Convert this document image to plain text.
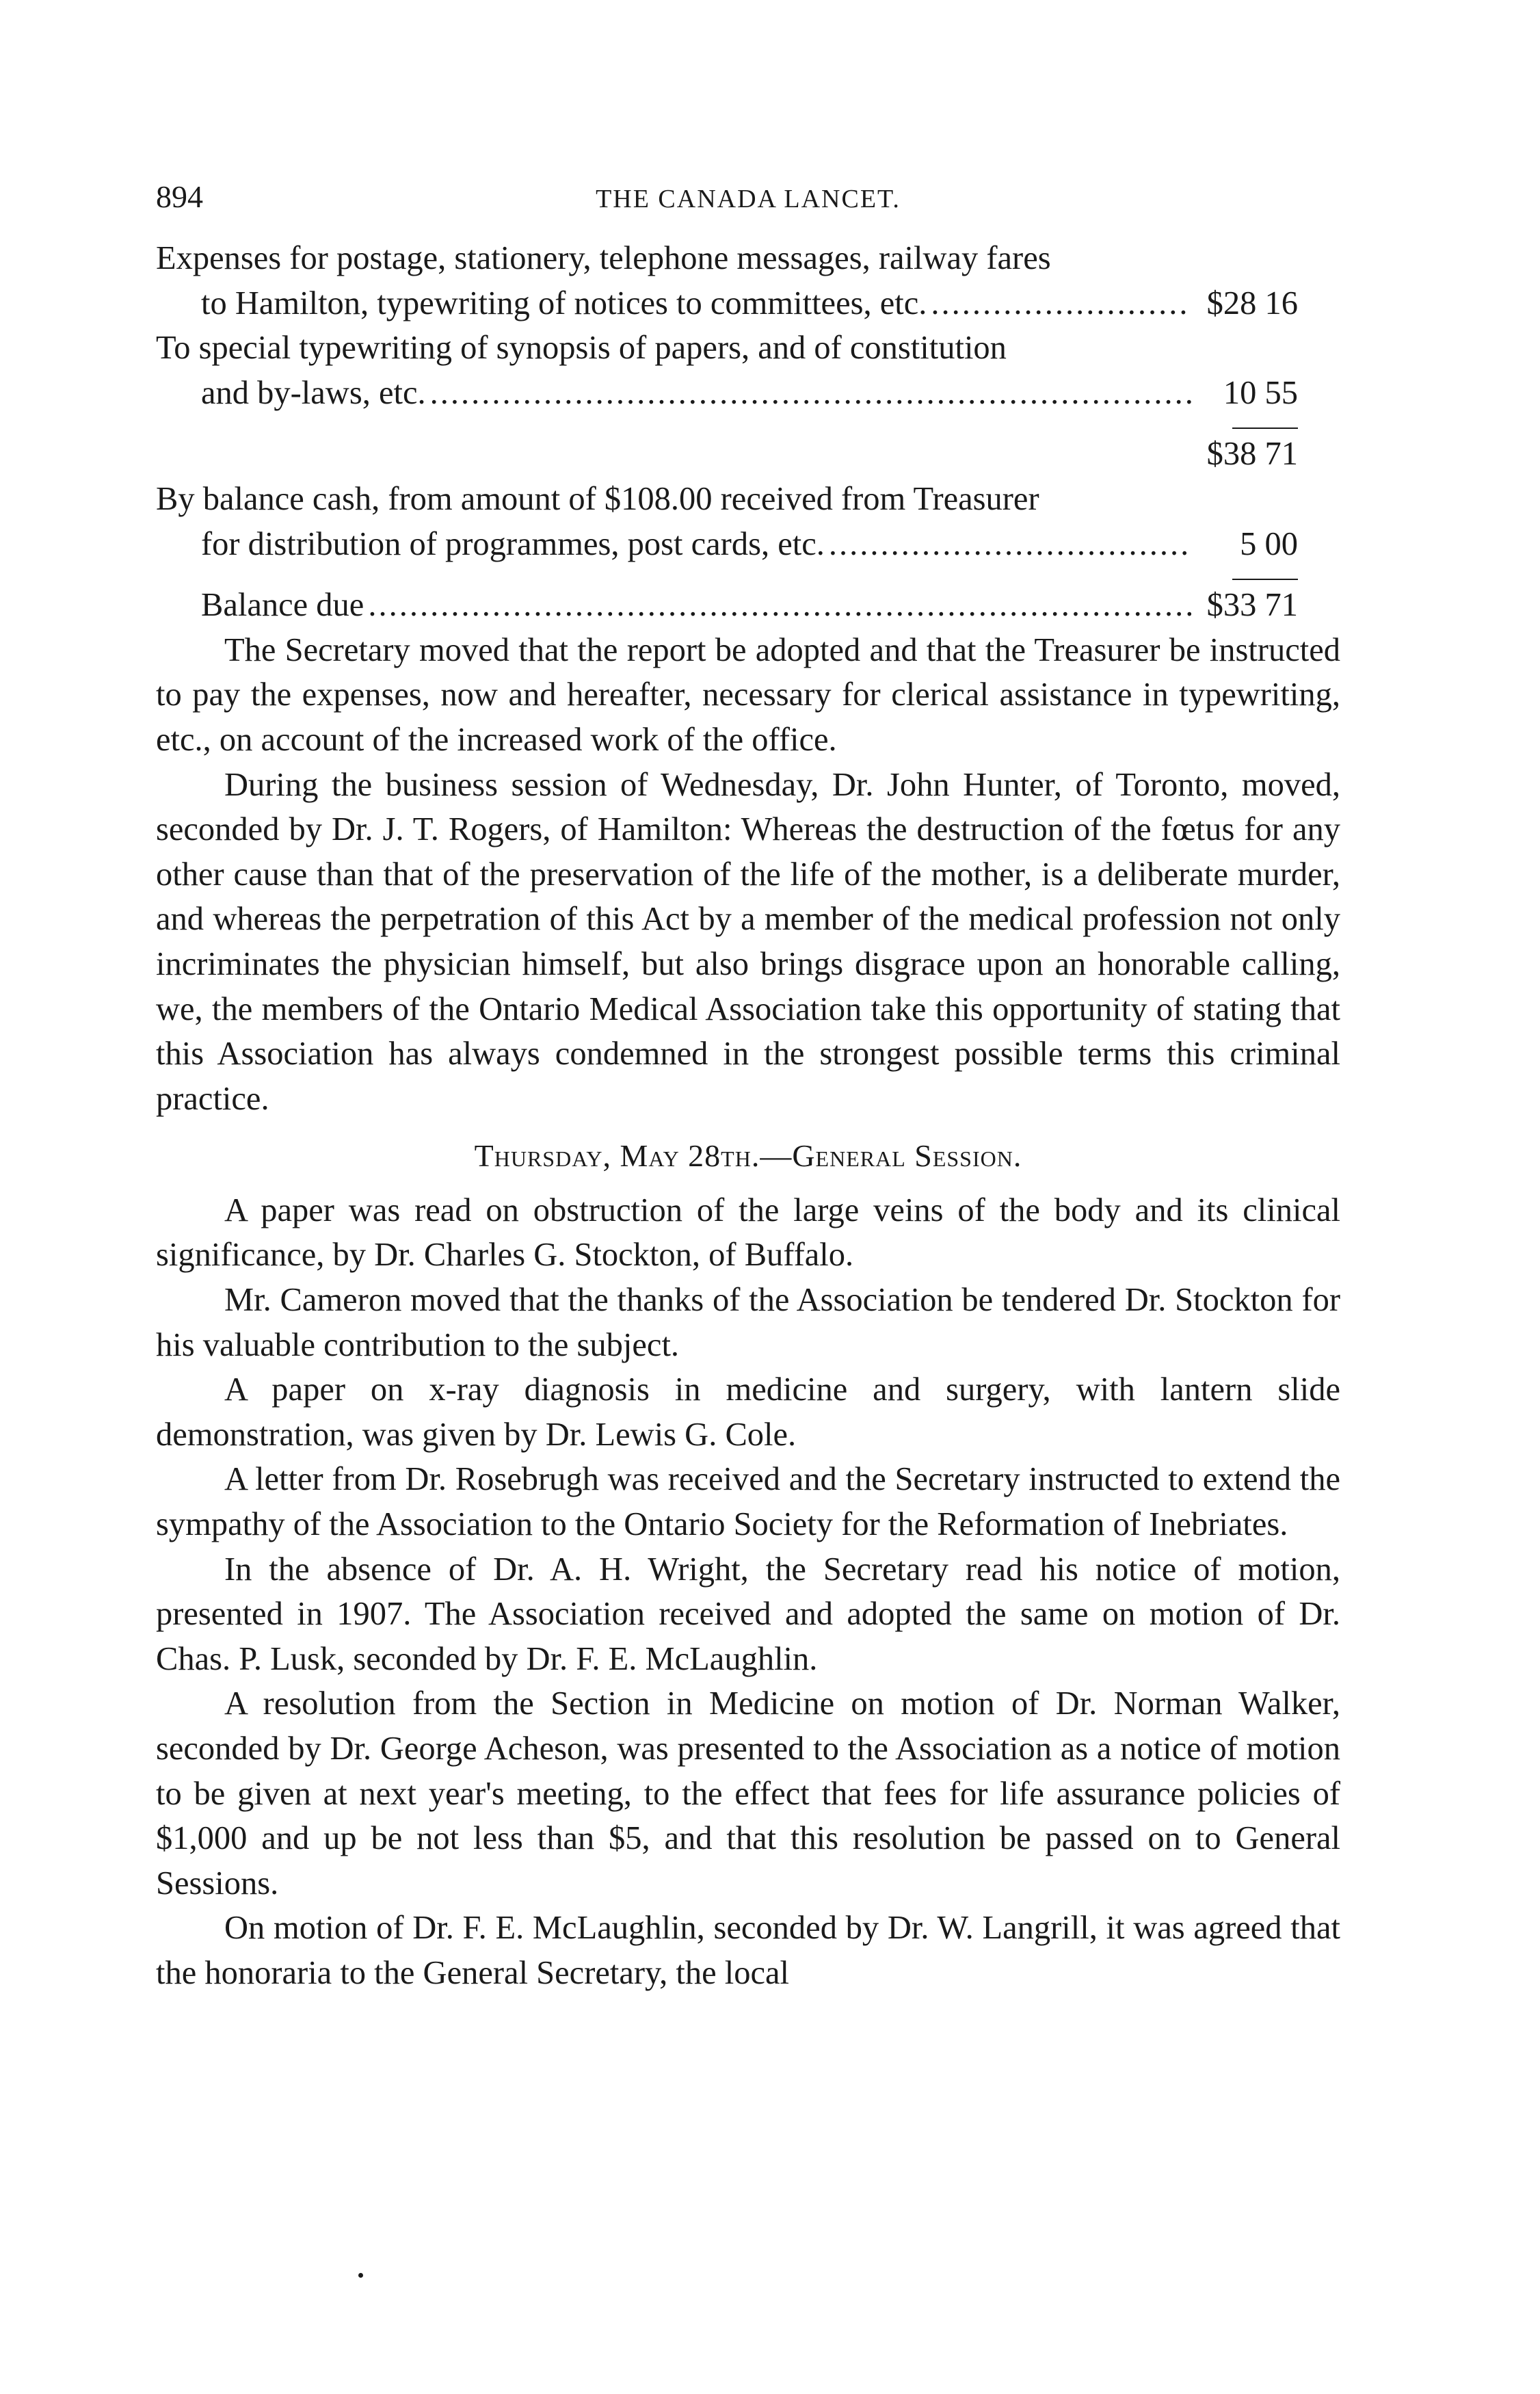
894	THE CANADA LANCET.
Expenses for postage, stationery, telephone messages, railway fares
to Hamilton, typewriting of notices to committees, etc. .....	$28 16
To special typewriting of synopsis of papers, and of constitution
and by-laws, etc. .....	10 55
$38 71
By balance cash, from amount of $108.00 received from Treasurer
for distribution of programmes, post cards, etc. .....	5 00
Balance due .....	$33 71

The Secretary moved that the report be adopted and that the Treasurer be instructed to pay the expenses, now and hereafter, necessary for clerical assistance in typewriting, etc., on account of the increased work of the office.

During the business session of Wednesday, Dr. John Hunter, of Toronto, moved, seconded by Dr. J. T. Rogers, of Hamilton: Whereas the destruction of the fœtus for any other cause than that of the preservation of the life of the mother, is a deliberate murder, and whereas the perpetration of this Act by a member of the medical profession not only incriminates the physician himself, but also brings disgrace upon an honorable calling, we, the members of the Ontario Medical Association take this opportunity of stating that this Association has always condemned in the strongest possible terms this criminal practice.

Thursday, May 28th.—General Session.

A paper was read on obstruction of the large veins of the body and its clinical significance, by Dr. Charles G. Stockton, of Buffalo.

Mr. Cameron moved that the thanks of the Association be tendered Dr. Stockton for his valuable contribution to the subject.

A paper on x-ray diagnosis in medicine and surgery, with lantern slide demonstration, was given by Dr. Lewis G. Cole.

A letter from Dr. Rosebrugh was received and the Secretary instructed to extend the sympathy of the Association to the Ontario Society for the Reformation of Inebriates.

In the absence of Dr. A. H. Wright, the Secretary read his notice of motion, presented in 1907. The Association received and adopted the same on motion of Dr. Chas. P. Lusk, seconded by Dr. F. E. McLaughlin.

A resolution from the Section in Medicine on motion of Dr. Norman Walker, seconded by Dr. George Acheson, was presented to the Association as a notice of motion to be given at next year's meeting, to the effect that fees for life assurance policies of $1,000 and up be not less than $5, and that this resolution be passed on to General Sessions.

On motion of Dr. F. E. McLaughlin, seconded by Dr. W. Langrill, it was agreed that the honoraria to the General Secretary, the local
